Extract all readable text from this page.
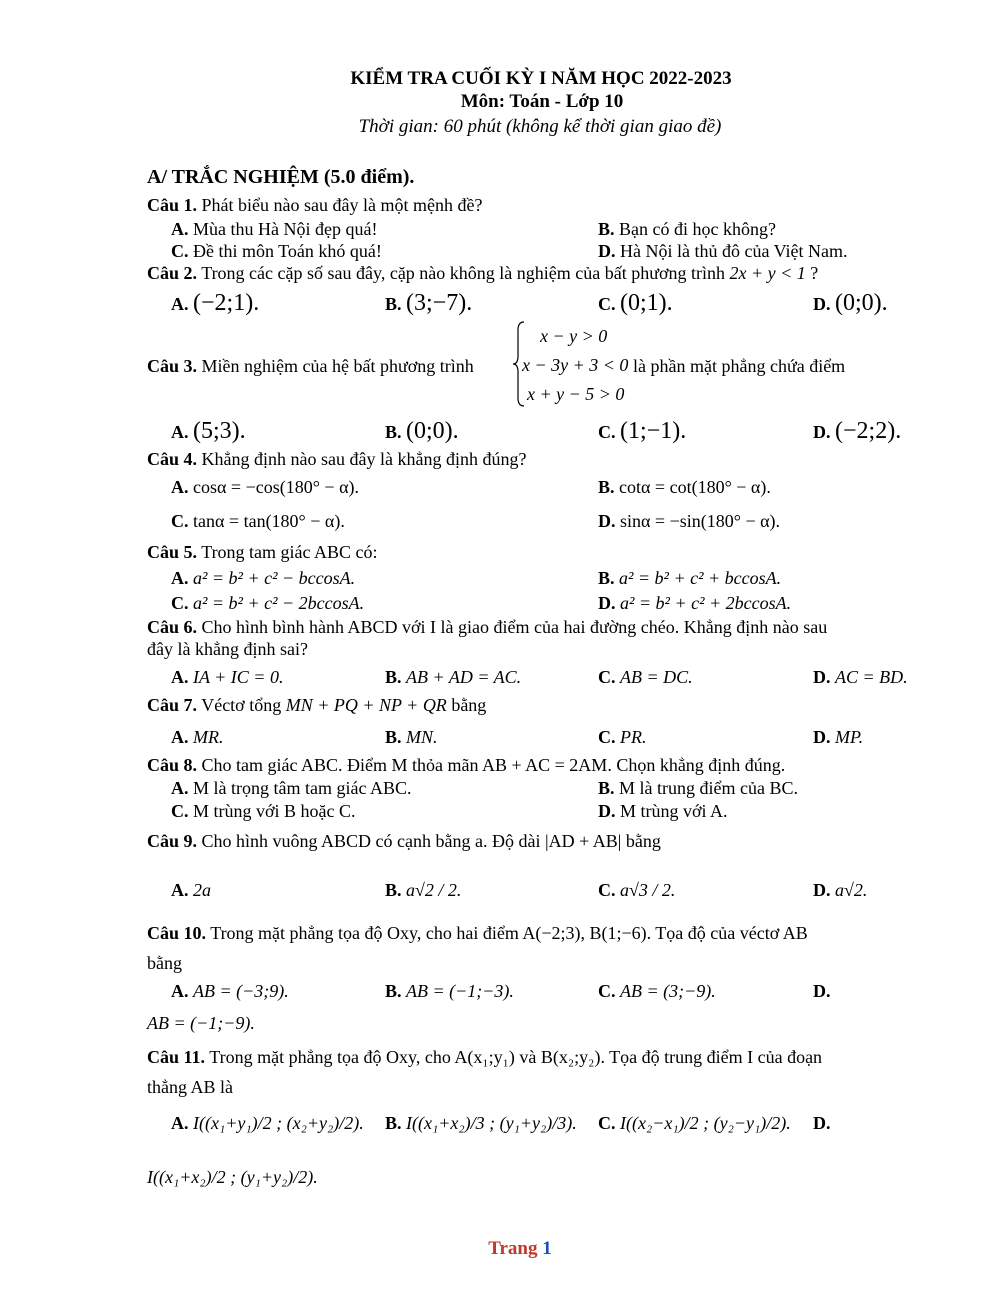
KIỂM TRA CUỐI KỲ I NĂM HỌC 2022-2023
Môn: Toán - Lớp 10
Thời gian: 60 phút (không kể thời gian giao đề)
A/ TRẮC NGHIỆM (5.0 điểm).
Câu 1. Phát biểu nào sau đây là một mệnh đề?
A. Mùa thu Hà Nội đẹp quá!	B. Bạn có đi học không?
C. Đề thi môn Toán khó quá!	D. Hà Nội là thủ đô của Việt Nam.
Câu 2. Trong các cặp số sau đây, cặp nào không là nghiệm của bất phương trình 2x + y < 1 ?
A. (−2;1).	B. (3;−7).	C. (0;1).	D. (0;0).
Câu 3. Miền nghiệm của hệ bất phương trình
x − y > 0
x − 3y + 3 < 0
x + y − 5 > 0
là phần mặt phẳng chứa điểm
A. (5;3).	B. (0;0).	C. (1;−1).	D. (−2;2).
Câu 4. Khẳng định nào sau đây là khẳng định đúng?
A. cosα = −cos(180° − α).	B. cotα = cot(180° − α).
C. tanα = tan(180° − α).	D. sinα = −sin(180° − α).
Câu 5. Trong tam giác ABC có:
A. a² = b² + c² − bccosA.	B. a² = b² + c² + bccosA.
C. a² = b² + c² − 2bccosA.	D. a² = b² + c² + 2bccosA.
Câu 6. Cho hình bình hành ABCD với I là giao điểm của hai đường chéo. Khẳng định nào sau
đây là khẳng định sai?
A. IA + IC = 0.	B. AB + AD = AC.	C. AB = DC.	D. AC = BD.
Câu 7. Véctơ tổng MN + PQ + NP + QR bằng
A. MR.	B. MN.	C. PR.	D. MP.
Câu 8. Cho tam giác ABC. Điểm M thỏa mãn AB + AC = 2AM. Chọn khẳng định đúng.
A. M là trọng tâm tam giác ABC.	B. M là trung điểm của BC.
C. M trùng với B hoặc C.	D. M trùng với A.
Câu 9. Cho hình vuông ABCD có cạnh bằng a. Độ dài |AD + AB| bằng
A. 2a	B. a√2 / 2.	C. a√3 / 2.	D. a√2.
Câu 10. Trong mặt phẳng tọa độ Oxy, cho hai điểm A(−2;3), B(1;−6). Tọa độ của véctơ AB
bằng
A. AB = (−3;9).	B. AB = (−1;−3).	C. AB = (3;−9).	D.
AB = (−1;−9).
Câu 11. Trong mặt phẳng tọa độ Oxy, cho A(x₁;y₁) và B(x₂;y₂). Tọa độ trung điểm I của đoạn
thẳng AB là
A. I((x₁+y₁)/2 ; (x₂+y₂)/2). B. I((x₁+x₂)/3 ; (y₁+y₂)/3). C. I((x₂−x₁)/2 ; (y₂−y₁)/2). D.
I((x₁+x₂)/2 ; (y₁+y₂)/2).
Trang 1
